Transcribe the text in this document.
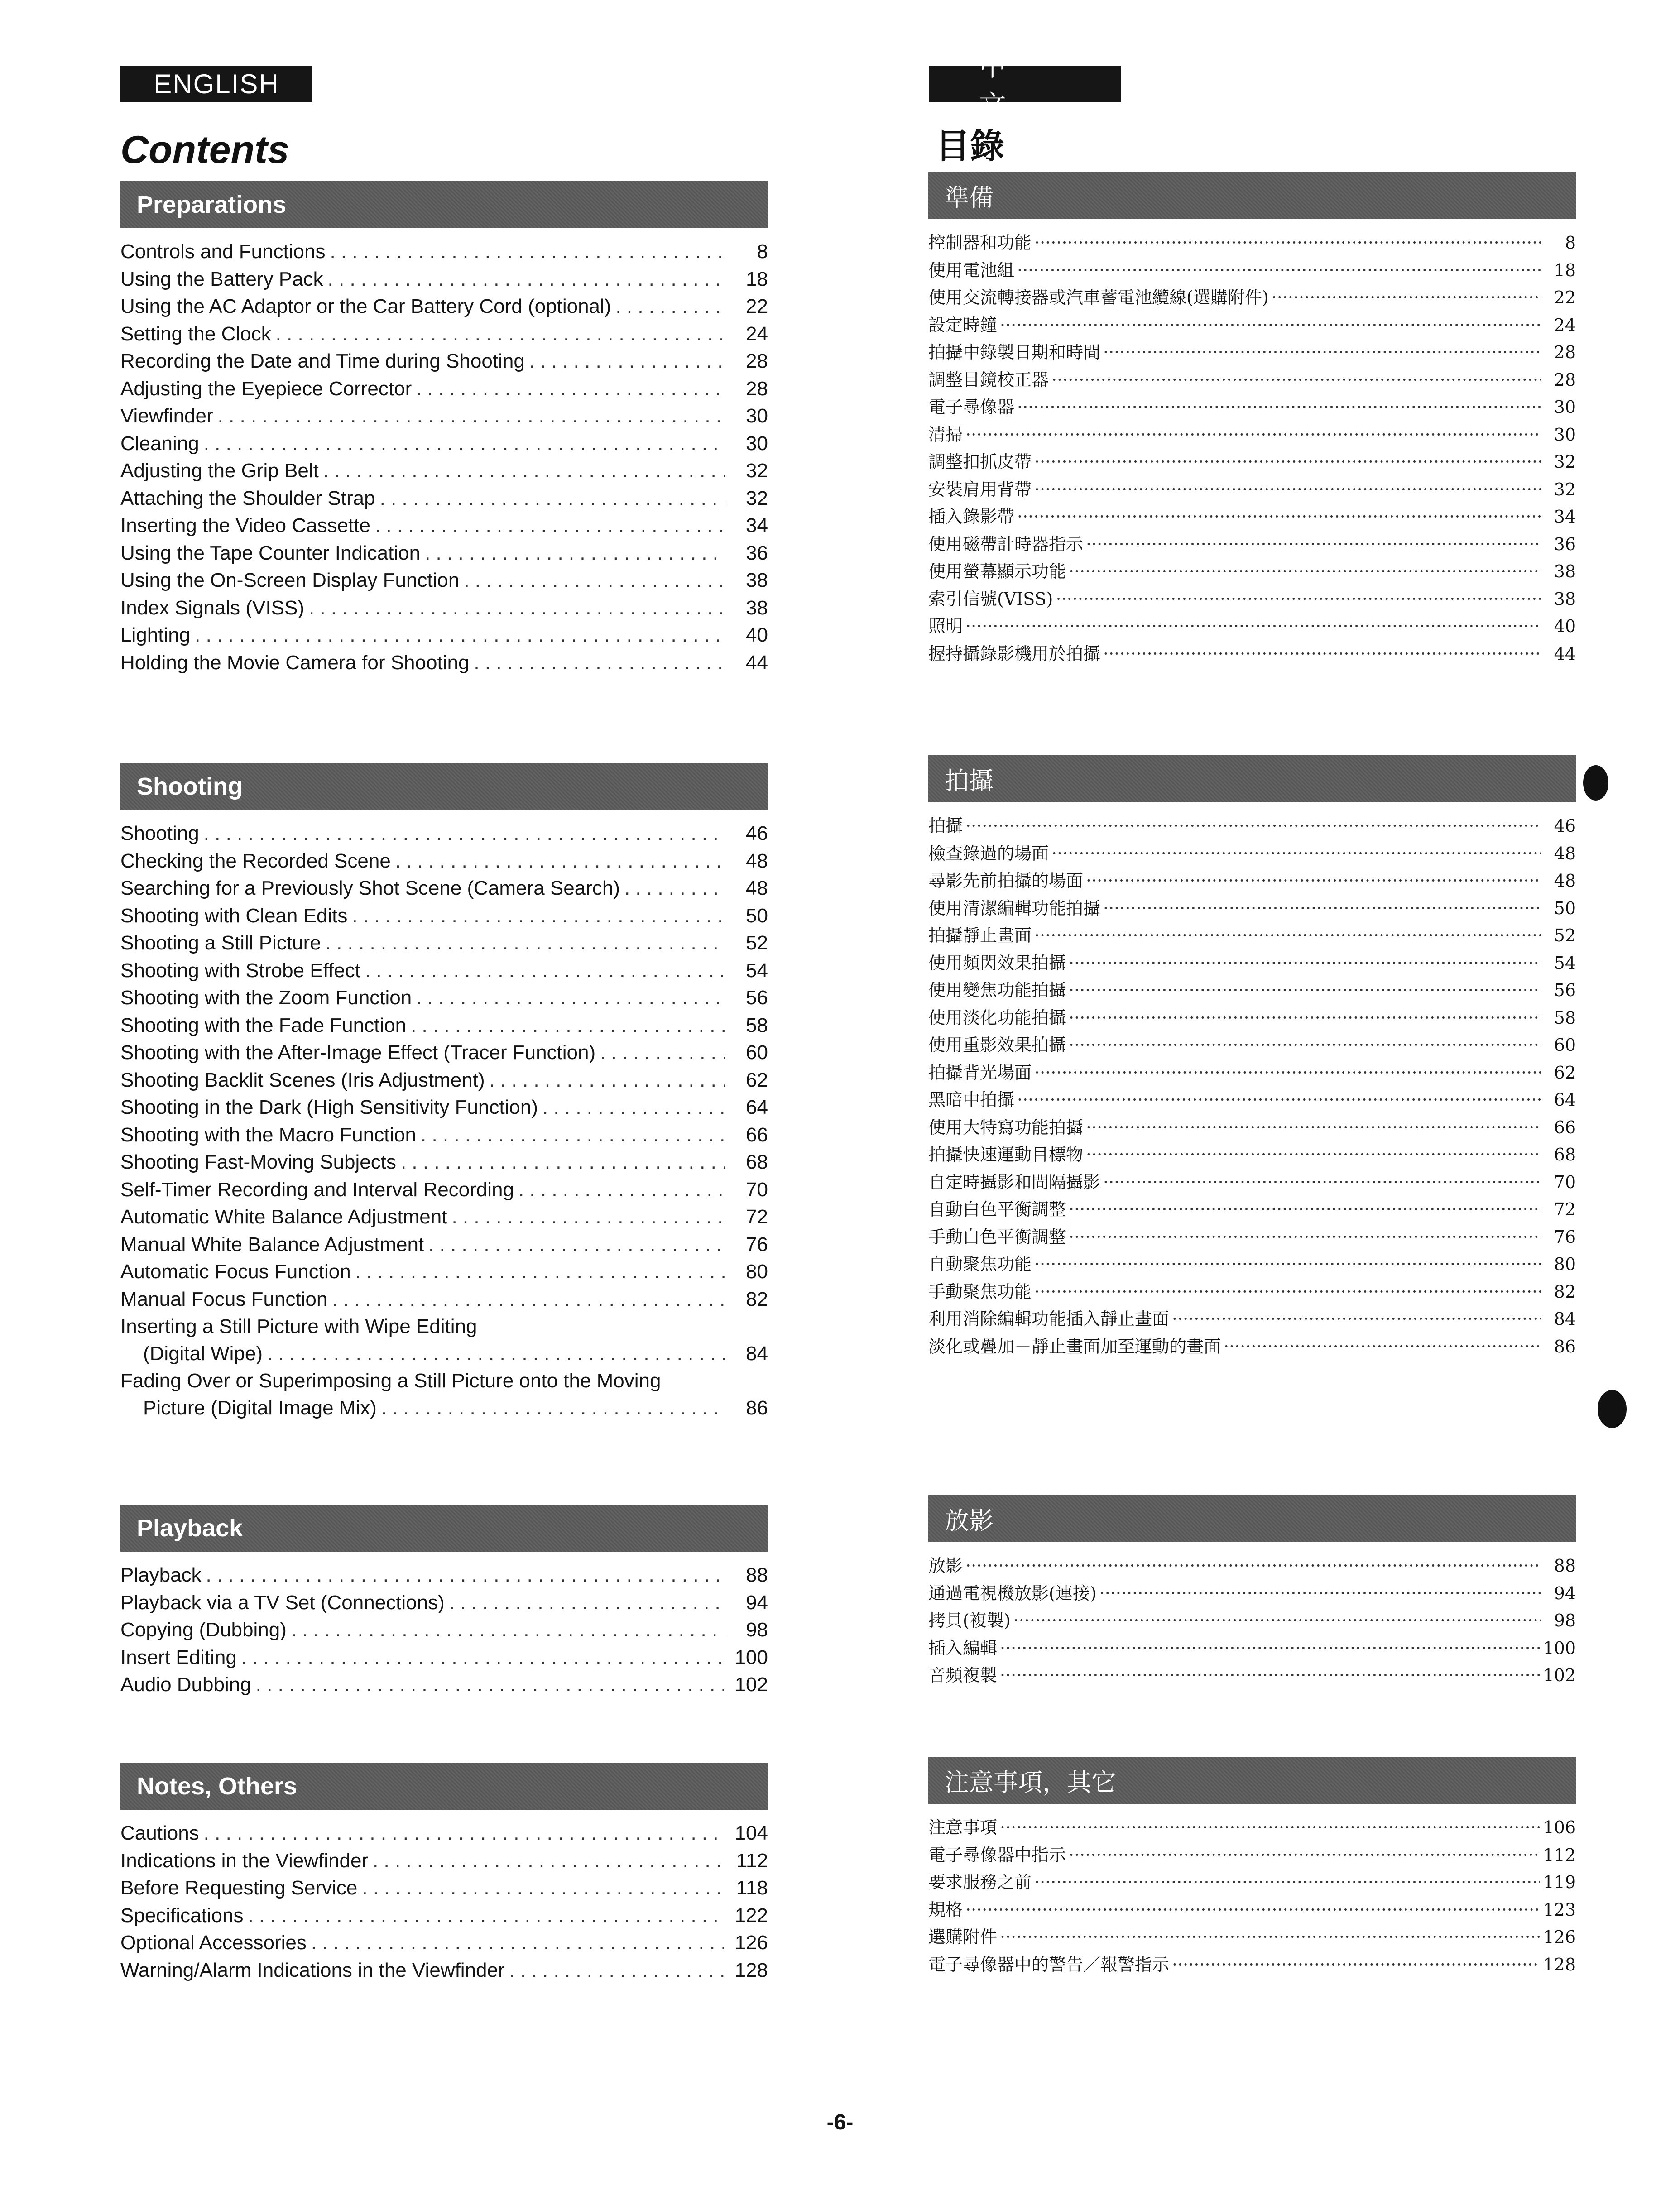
ENGLISH
Contents
中文
目錄
Preparations
Controls and Functions . . .	8
Using the Battery Pack . . .	18
Using the AC Adaptor or the Car Battery Cord (optional) . . .	22
Setting the Clock . . .	24
Recording the Date and Time during Shooting . . .	28
Adjusting the Eyepiece Corrector . . .	28
Viewfinder . . .	30
Cleaning . . .	30
Adjusting the Grip Belt . . .	32
Attaching the Shoulder Strap . . .	32
Inserting the Video Cassette . . .	34
Using the Tape Counter Indication . . .	36
Using the On-Screen Display Function . . .	38
Index Signals (VISS) . . .	38
Lighting . . .	40
Holding the Movie Camera for Shooting . . .	44
Shooting
Shooting . . .	46
Checking the Recorded Scene . . .	48
Searching for a Previously Shot Scene (Camera Search) . . .	48
Shooting with Clean Edits . . .	50
Shooting a Still Picture . . .	52
Shooting with Strobe Effect . . .	54
Shooting with the Zoom Function . . .	56
Shooting with the Fade Function . . .	58
Shooting with the After-Image Effect (Tracer Function) . . .	60
Shooting Backlit Scenes (Iris Adjustment) . . .	62
Shooting in the Dark (High Sensitivity Function) . . .	64
Shooting with the Macro Function . . .	66
Shooting Fast-Moving Subjects . . .	68
Self-Timer Recording and Interval Recording . . .	70
Automatic White Balance Adjustment . . .	72
Manual White Balance Adjustment . . .	76
Automatic Focus Function . . .	80
Manual Focus Function . . .	82
Inserting a Still Picture with Wipe Editing
(Digital Wipe) . . .	84
Fading Over or Superimposing a Still Picture onto the Moving
Picture (Digital Image Mix) . . .	86
Playback
Playback . . .	88
Playback via a TV Set (Connections) . . .	94
Copying (Dubbing) . . .	98
Insert Editing . . .	100
Audio Dubbing . . .	102
Notes, Others
Cautions . . .	104
Indications in the Viewfinder . . .	112
Before Requesting Service . . .	118
Specifications . . .	122
Optional Accessories . . .	126
Warning/Alarm Indications in the Viewfinder . . .	128
準備
控制器和功能 ·····	8
使用電池組 ·····	18
使用交流轉接器或汽車蓄電池纜線(選購附件) ·····	22
設定時鐘 ·····	24
拍攝中錄製日期和時間 ·····	28
調整目鏡校正器 ·····	28
電子尋像器 ·····	30
清掃 ·····	30
調整扣抓皮帶 ·····	32
安裝肩用背帶 ·····	32
插入錄影帶 ·····	34
使用磁帶計時器指示 ·····	36
使用螢幕顯示功能 ·····	38
索引信號(VISS) ·····	38
照明 ·····	40
握持攝錄影機用於拍攝 ·····	44
拍攝
拍攝 ·····	46
檢查錄過的場面 ·····	48
尋影先前拍攝的場面 ·····	48
使用清潔編輯功能拍攝 ·····	50
拍攝靜止畫面 ·····	52
使用頻閃效果拍攝 ·····	54
使用變焦功能拍攝 ·····	56
使用淡化功能拍攝 ·····	58
使用重影效果拍攝 ·····	60
拍攝背光場面 ·····	62
黑暗中拍攝 ·····	64
使用大特寫功能拍攝 ·····	66
拍攝快速運動目標物 ·····	68
自定時攝影和間隔攝影 ·····	70
自動白色平衡調整 ·····	72
手動白色平衡調整 ·····	76
自動聚焦功能 ·····	80
手動聚焦功能 ·····	82
利用消除編輯功能插入靜止畫面 ·····	84
淡化或疊加－靜止畫面加至運動的畫面 ·····	86
放影
放影 ·····	88
通過電視機放影(連接) ·····	94
拷貝(複製) ·····	98
插入編輯 ·····	100
音頻複製 ·····	102
注意事項，其它
注意事項 ·····	106
電子尋像器中指示 ·····	112
要求服務之前 ·····	119
規格 ·····	123
選購附件 ·····	126
電子尋像器中的警告／報警指示 ·····	128
-6-
